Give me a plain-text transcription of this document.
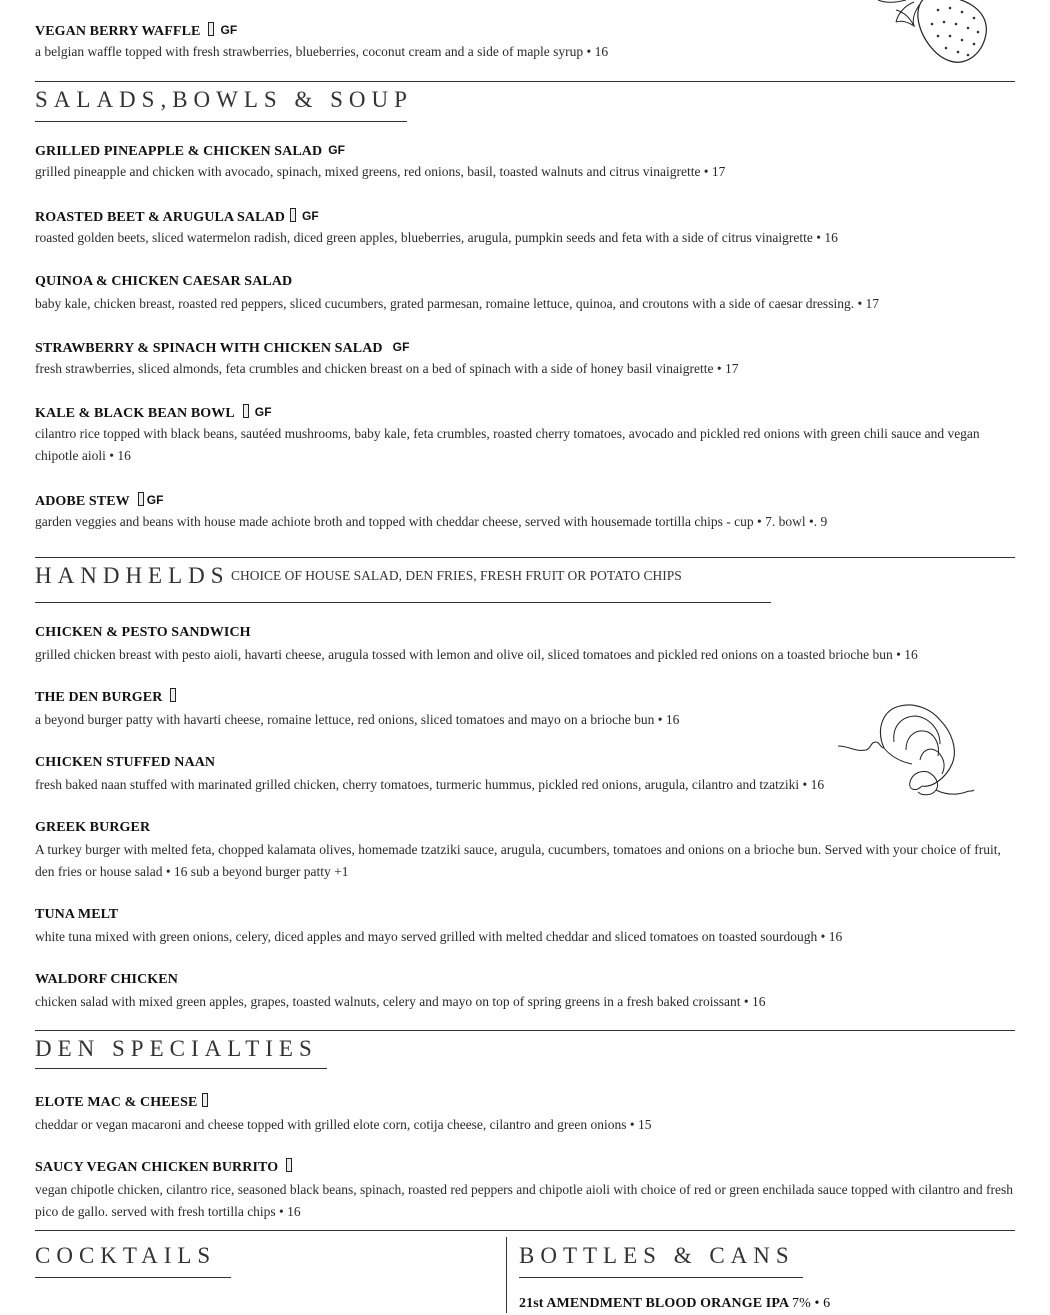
VEGAN BERRY WAFFLE GF
a belgian waffle topped with fresh strawberries, blueberries, coconut cream and a side of maple syrup • 16
SALADS,BOWLS & SOUP
GRILLED PINEAPPLE & CHICKEN SALAD GF
grilled pineapple and chicken with avocado, spinach, mixed greens, red onions, basil, toasted walnuts and citrus vinaigrette • 17
ROASTED BEET & ARUGULA SALAD GF
roasted golden beets, sliced watermelon radish, diced green apples, blueberries, arugula, pumpkin seeds and feta with a side of citrus vinaigrette • 16
QUINOA & CHICKEN CAESAR SALAD
baby kale, chicken breast, roasted red peppers, sliced cucumbers, grated parmesan, romaine lettuce, quinoa, and croutons with a side of caesar dressing. • 17
STRAWBERRY & SPINACH WITH CHICKEN SALAD GF
fresh strawberries, sliced almonds, feta crumbles and chicken breast on a bed of spinach with a side of honey basil vinaigrette • 17
KALE & BLACK BEAN BOWL GF
cilantro rice topped with black beans, sautéed mushrooms, baby kale, feta crumbles, roasted cherry tomatoes, avocado and pickled red onions with green chili sauce and vegan chipotle aioli • 16
ADOBE STEW GF
garden veggies and beans with house made achiote broth and topped with cheddar cheese, served with housemade tortilla chips - cup • 7. bowl •. 9
HANDHELDS CHOICE OF HOUSE SALAD, DEN FRIES, FRESH FRUIT OR POTATO CHIPS
CHICKEN & PESTO SANDWICH
grilled chicken breast with pesto aioli, havarti cheese, arugula tossed with lemon and olive oil, sliced tomatoes and pickled red onions on a toasted brioche bun • 16
THE DEN BURGER
a beyond burger patty with havarti cheese, romaine lettuce, red onions, sliced tomatoes and mayo on a brioche bun • 16
CHICKEN STUFFED NAAN
fresh baked naan stuffed with marinated grilled chicken, cherry tomatoes, turmeric hummus, pickled red onions, arugula, cilantro and tzatziki • 16
GREEK BURGER
A turkey burger with melted feta, chopped kalamata olives, homemade tzatziki sauce, arugula, cucumbers, tomatoes and onions on a brioche bun. Served with your choice of fruit, den fries or house salad • 16 sub a beyond burger patty +1
TUNA MELT
white tuna mixed with green onions, celery, diced apples and mayo served grilled with melted cheddar and sliced tomatoes on toasted sourdough • 16
WALDORF CHICKEN
chicken salad with mixed green apples, grapes, toasted walnuts, celery and mayo on top of spring greens in a fresh baked croissant • 16
DEN SPECIALTIES
ELOTE MAC & CHEESE
cheddar or vegan macaroni and cheese topped with grilled elote corn, cotija cheese, cilantro and green onions • 15
SAUCY VEGAN CHICKEN BURRITO
vegan chipotle chicken, cilantro rice, seasoned black beans, spinach, roasted red peppers and chipotle aioli with choice of red or green enchilada sauce topped with cilantro and fresh pico de gallo. served with fresh tortilla chips • 16
COCKTAILS	BOTTLES & CANS
21st AMENDMENT BLOOD ORANGE IPA 7% • 6
